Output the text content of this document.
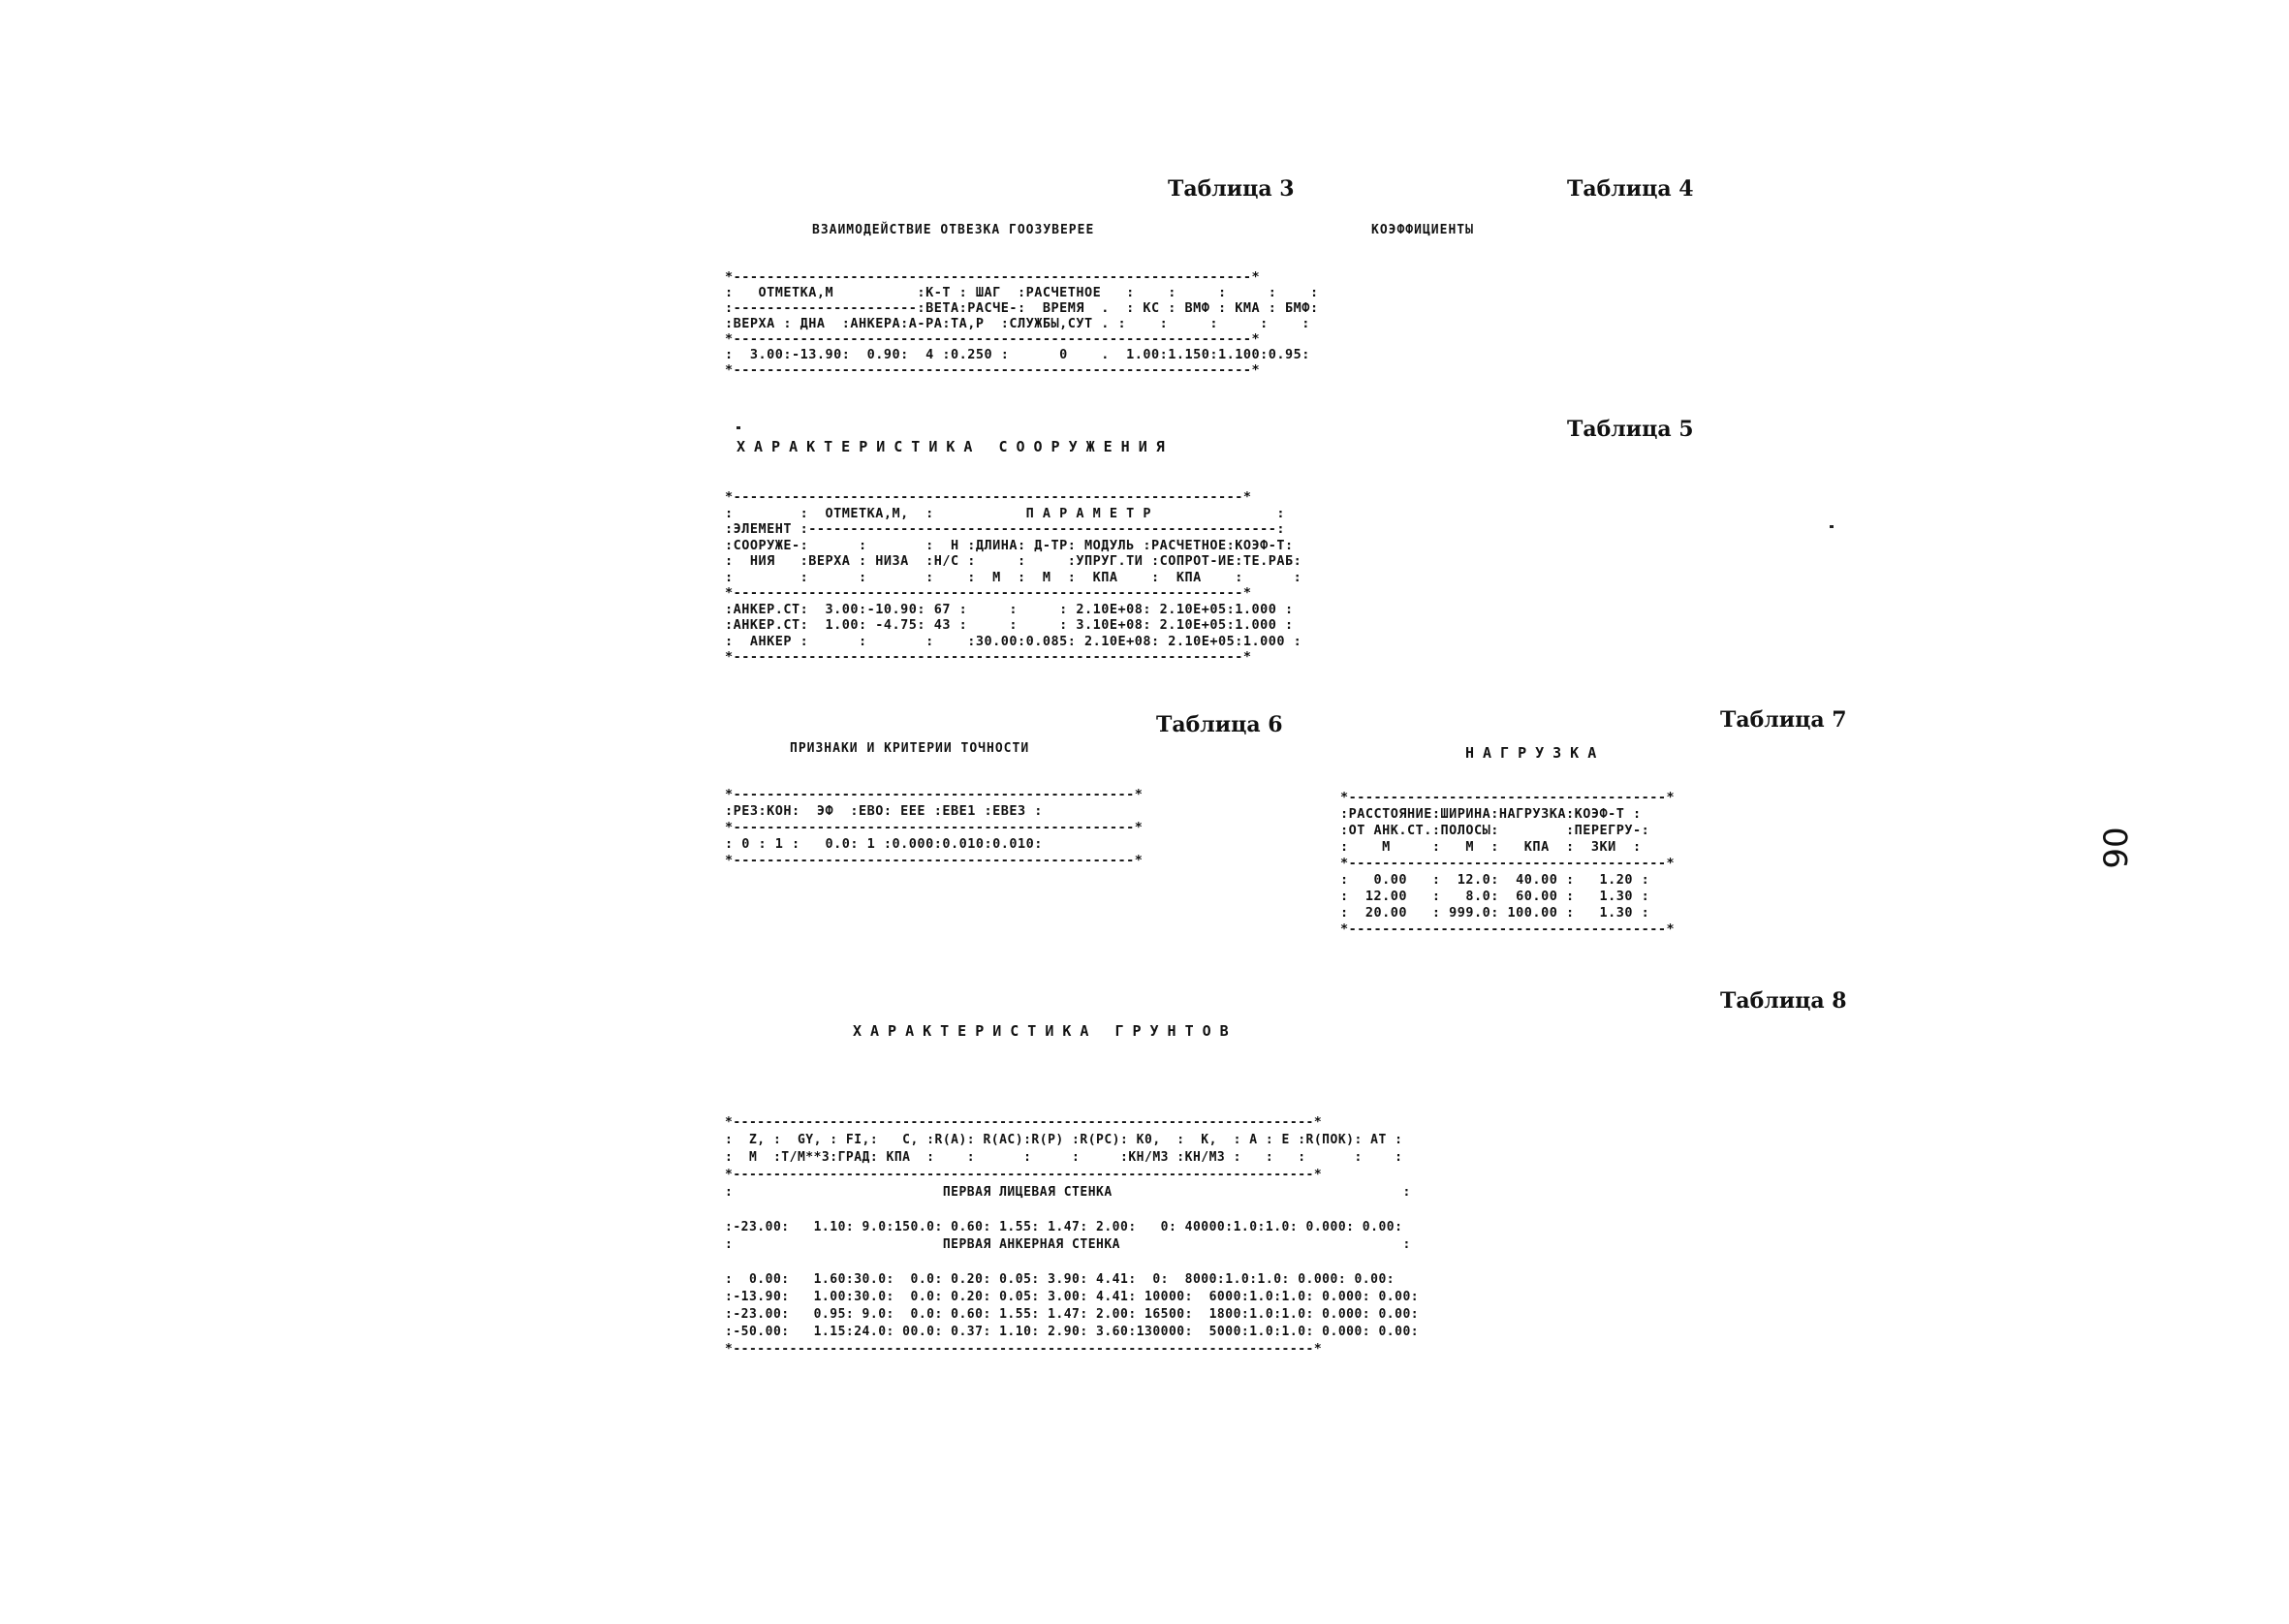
Таблица 3	Таблица 4
ВЗАИМОДЕЙСТВИЕ ОТВЕЗКА ГООЗУВЕРЕЕ	КОЭФФИЦИЕНТЫ
*--------------------------------------------------------------*
:   ОТМЕТКА,М          :К-Т : ШАГ  :РАСЧЕТНОЕ   :    :     :     :    :
:----------------------:ВЕТА:РАСЧЕ-:  ВРЕМЯ  .  : КС : ВМФ : КМА : БМФ:
:ВЕРХА : ДНА  :АНКЕРА:А-РА:ТА,Р  :СЛУЖБЫ,СУТ . :    :     :     :    :
*--------------------------------------------------------------*
:  3.00:-13.90:  0.90:  4 :0.250 :      0    .  1.00:1.150:1.100:0.95:
*--------------------------------------------------------------*
Таблица 5
ХАРАКТЕРИСТИКА СООРУЖЕНИЯ
*-------------------------------------------------------------*
:        :  ОТМЕТКА,М,  :           П А Р А М Е Т Р               :
:ЭЛЕМЕНТ :--------------------------------------------------------:
:СООРУЖЕ-:      :       :  Н :ДЛИНА: Д-ТР: МОДУЛЬ :РАСЧЕТНОЕ:КОЭФ-Т:
:  НИЯ   :ВЕРХА : НИЗА  :Н/С :     :     :УПРУГ.ТИ :СОПРОТ-ИЕ:ТЕ.РАБ:
:        :      :       :    :  М  :  М  :  КПА    :  КПА    :      :
*-------------------------------------------------------------*
:АНКЕР.СТ:  3.00:-10.90: 67 :     :     : 2.10Е+08: 2.10Е+05:1.000 :
:АНКЕР.СТ:  1.00: -4.75: 43 :     :     : 3.10Е+08: 2.10Е+05:1.000 :
:  АНКЕР :      :       :    :30.00:0.085: 2.10Е+08: 2.10Е+05:1.000 :
*-------------------------------------------------------------*
Таблица 6
ПРИЗНАКИ И КРИТЕРИИ ТОЧНОСТИ
*------------------------------------------------*
:РЕЗ:КОН:  ЭФ  :ЕВО: ЕЕЕ :ЕВЕ1 :ЕВЕЗ :
*------------------------------------------------*
: 0 : 1 :   0.0: 1 :0.000:0.010:0.010:
*------------------------------------------------*
Таблица 7
НАГРУЗКА
*--------------------------------------*
:РАССТОЯНИЕ:ШИРИНА:НАГРУЗКА:КОЭФ-Т :
:ОТ АНК.СТ.:ПОЛОСЫ:        :ПЕРЕГРУ-:
:    М     :   М  :   КПА  :  ЗКИ  :
*--------------------------------------*
:   0.00   :  12.0:  40.00 :   1.20 :
:  12.00   :   8.0:  60.00 :   1.30 :
:  20.00   : 999.0: 100.00 :   1.30 :
*--------------------------------------*
Таблица 8
ХАРАКТЕРИСТИКА ГРУНТОВ
*------------------------------------------------------------------------*
:  Z, :  GY, : FI,:   C, :R(A): R(AC):R(P) :R(PC): К0,  :  К,  : А : Е :R(ПОК): АТ :
:  М  :Т/М**3:ГРАД: КПА  :    :      :     :     :КН/М3 :КН/М3 :   :   :      :    :
*------------------------------------------------------------------------*
:                          ПЕРВАЯ ЛИЦЕВАЯ СТЕНКА                                    :

:-23.00:   1.10: 9.0:150.0: 0.60: 1.55: 1.47: 2.00:   0: 40000:1.0:1.0: 0.000: 0.00:
:                          ПЕРВАЯ АНКЕРНАЯ СТЕНКА                                   :

:  0.00:   1.60:30.0:  0.0: 0.20: 0.05: 3.90: 4.41:  0:  8000:1.0:1.0: 0.000: 0.00:
:-13.90:   1.00:30.0:  0.0: 0.20: 0.05: 3.00: 4.41: 10000:  6000:1.0:1.0: 0.000: 0.00:
:-23.00:   0.95: 9.0:  0.0: 0.60: 1.55: 1.47: 2.00: 16500:  1800:1.0:1.0: 0.000: 0.00:
:-50.00:   1.15:24.0: 00.0: 0.37: 1.10: 2.90: 3.60:130000:  5000:1.0:1.0: 0.000: 0.00:
*------------------------------------------------------------------------*
06
